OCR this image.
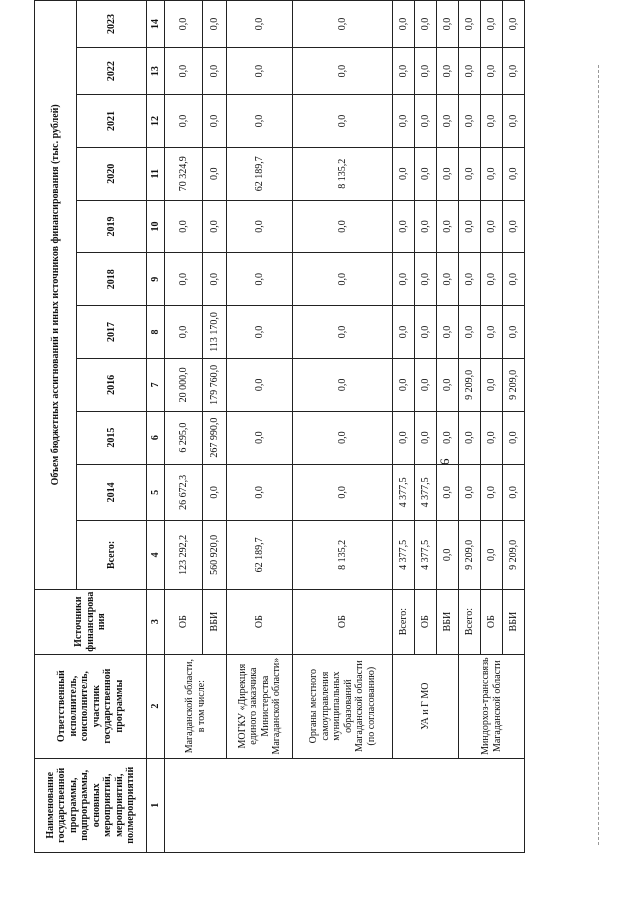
6
Наименование государственной программы, подпрограммы, основных мероприятий, мероприятий, полмероприятий	Ответственный исполнитель, соисполнитель, участник государственной программы	Источники финансирова ния	Объем бюджетных ассигнований и иных источников финансирования (тыс. рублей)										
			Всего:	2014	2015	2016	2017	2018	2019	2020	2021	2022	2023
1	2	3	4	5	6	7	8	9	10	11	12	13	14
	Магаданской области, в том числе:	ОБ	123 292,2	26 672,3	6 295,0	20 000,0	0,0	0,0	0,0	70 324,9	0,0	0,0	0,0
		ВБИ	560 920,0	0,0	267 990,0	179 760,0	113 170,0	0,0	0,0	0,0	0,0	0,0	0,0
	МОГКУ «Дирекция единого заказчика Министерства Магаданской области»	ОБ	62 189,7	0,0	0,0	0,0	0,0	0,0	0,0	62 189,7	0,0	0,0	0,0
	Органы местного самоуправления муниципальных образований Магаданской области (по согласованию)	ОБ	8 135,2	0,0	0,0	0,0	0,0	0,0	0,0	8 135,2	0,0	0,0	0,0
	УА и Г МО	Всего:	4 377,5	4 377,5	0,0	0,0	0,0	0,0	0,0	0,0	0,0	0,0	0,0
		ОБ	4 377,5	4 377,5	0,0	0,0	0,0	0,0	0,0	0,0	0,0	0,0	0,0
		ВБИ	0,0	0,0	0,0	0,0	0,0	0,0	0,0	0,0	0,0	0,0	0,0
	Миндорхоз-транссвязь Магаданской области	Всего:	9 209,0	0,0	0,0	9 209,0	0,0	0,0	0,0	0,0	0,0	0,0	0,0
		ОБ	0,0	0,0	0,0	0,0	0,0	0,0	0,0	0,0	0,0	0,0	0,0
		ВБИ	9 209,0	0,0	0,0	9 209,0	0,0	0,0	0,0	0,0	0,0	0,0	0,0
